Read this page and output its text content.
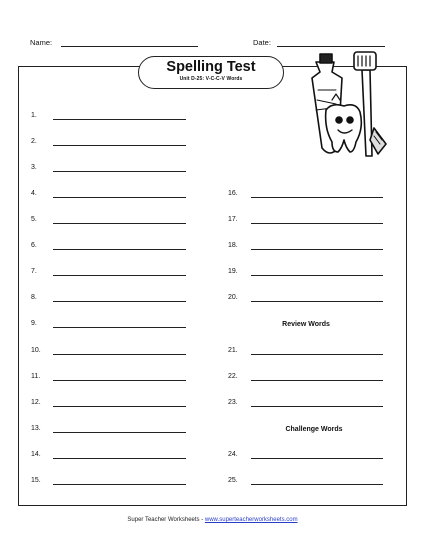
Name:	Date:
Spelling Test
Unit D-25: V-C-C-V Words
1.
2.
3.
4.
5.
6.
7.
8.
9.
10.
11.
12.
13.
14.
15.
16.
17.
18.
19.
20.
Review Words
21.
22.
23.
Challenge Words
24.
25.
Super Teacher Worksheets - www.superteacherworksheets.com
